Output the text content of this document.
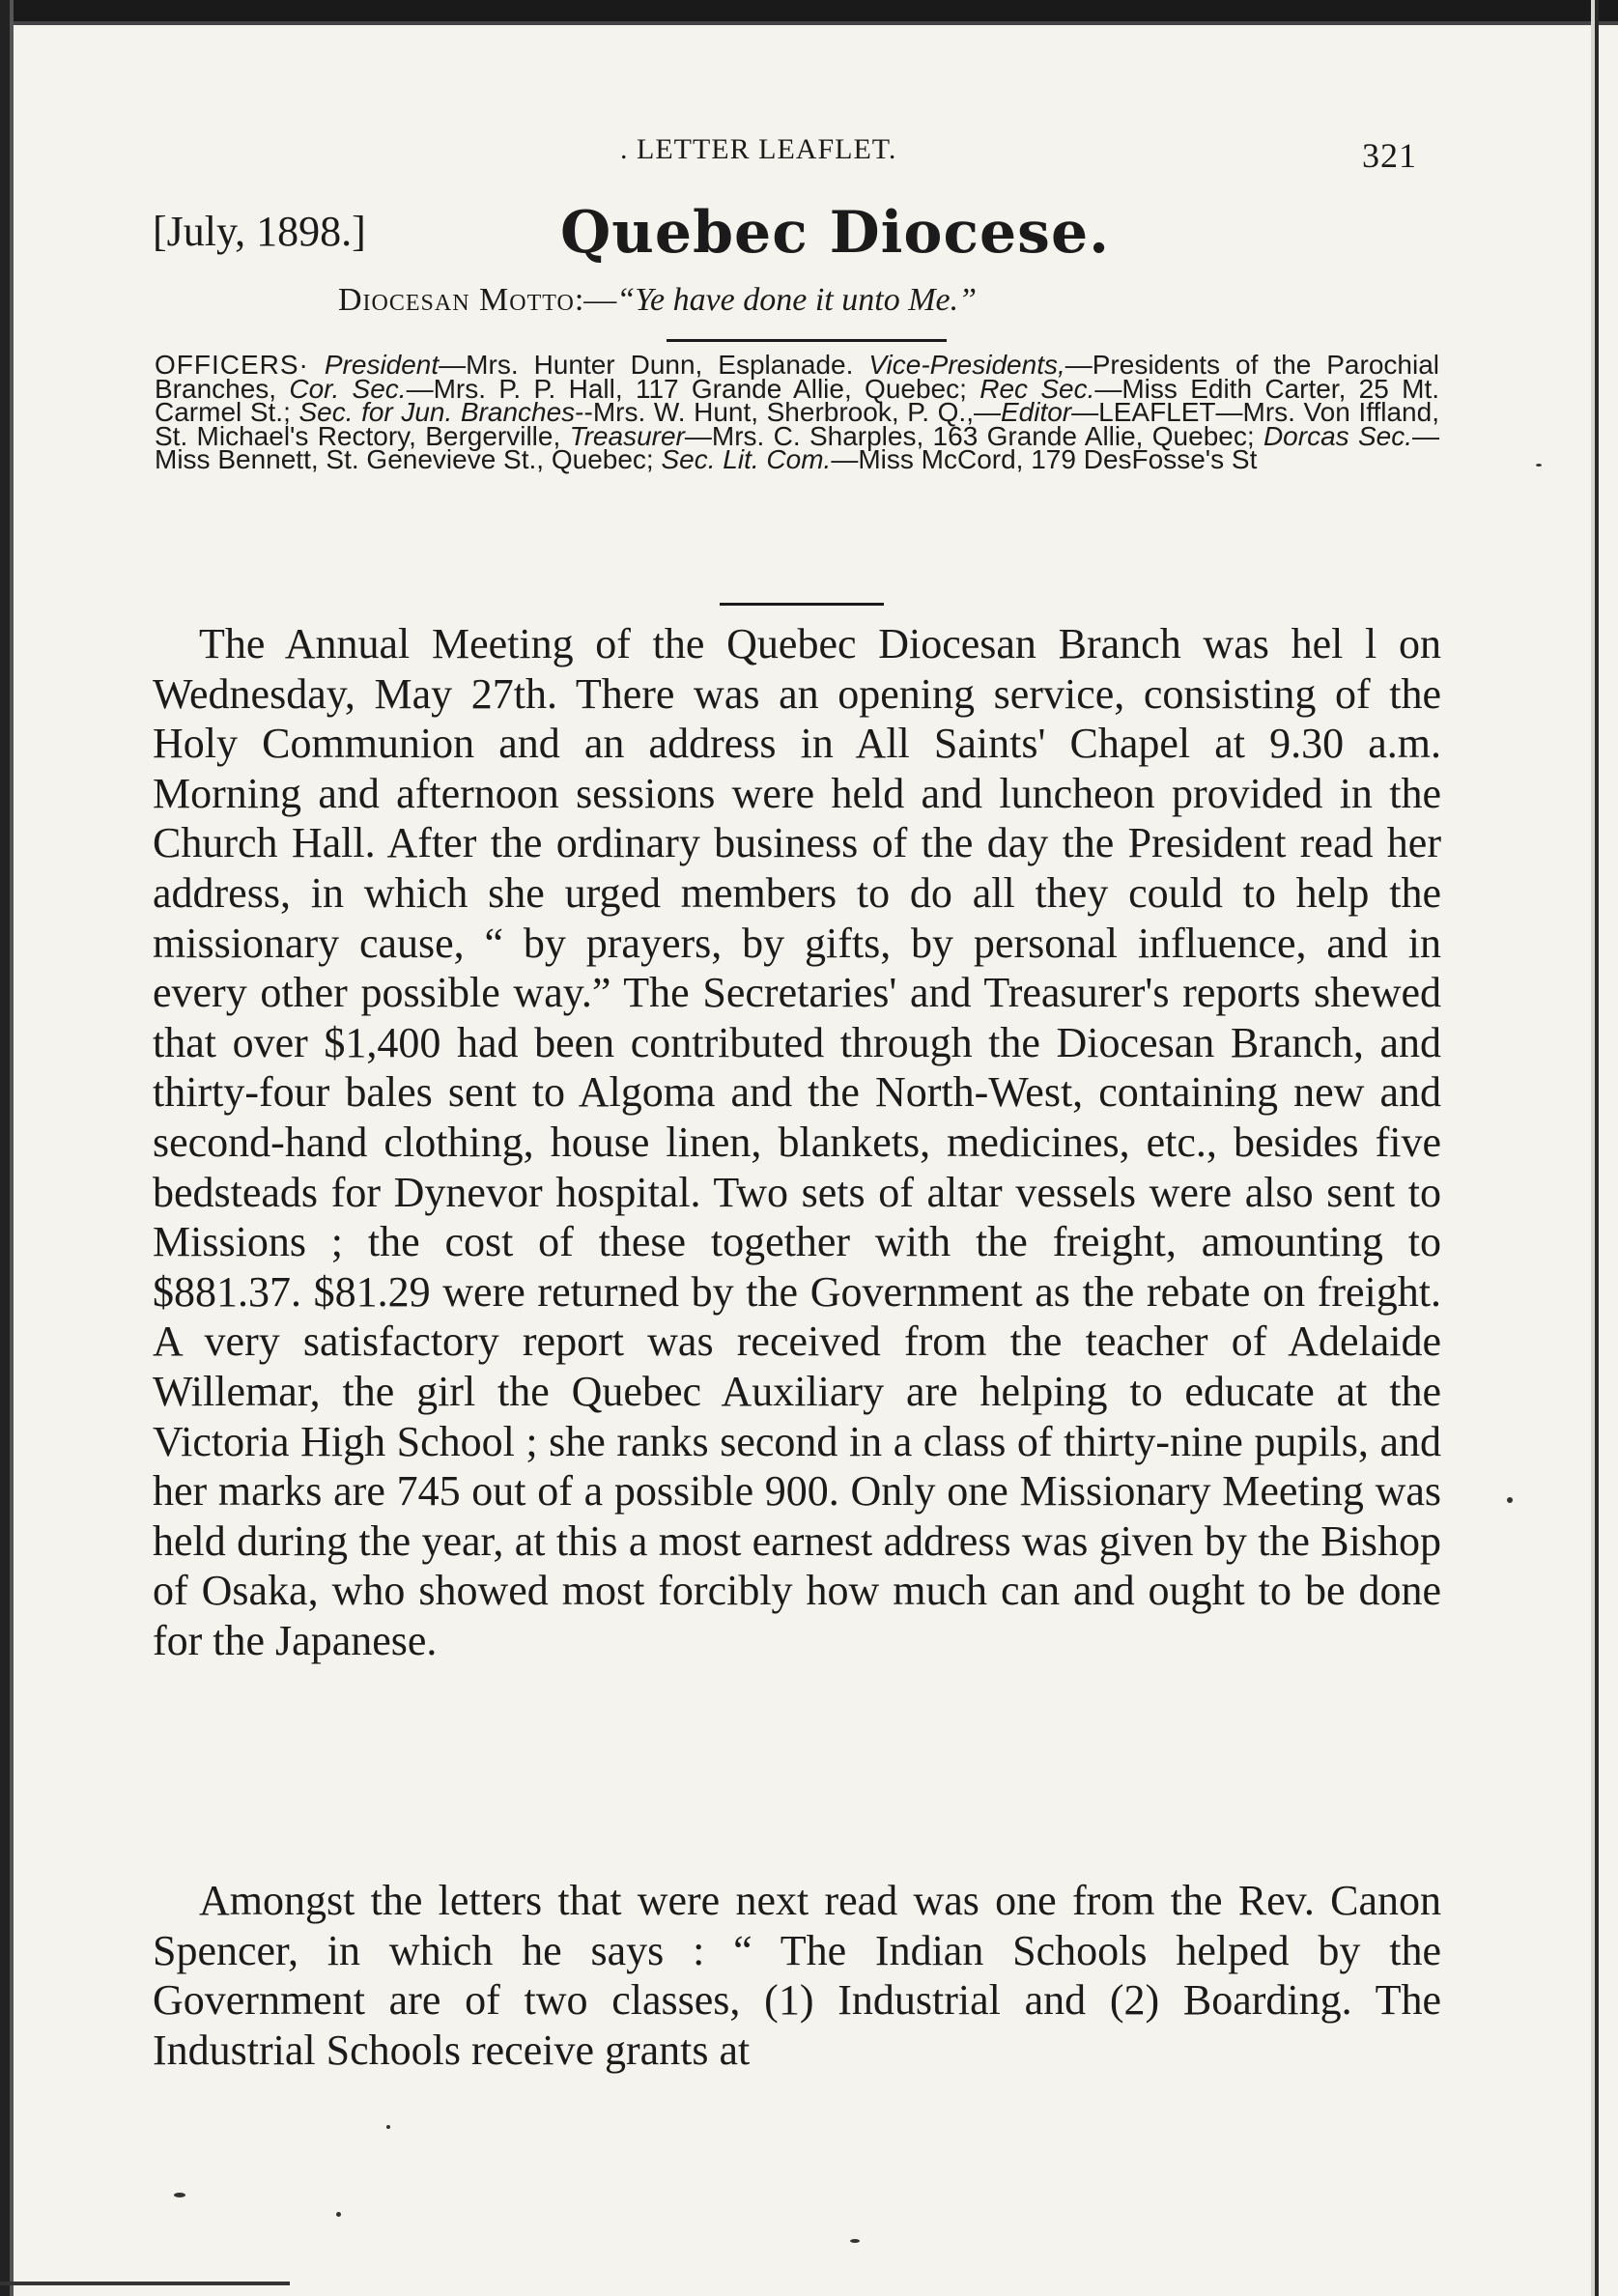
. LETTER LEAFLET.	321
[July, 1898.]	Quebec Diocese.
Diocesan Motto:—“Ye have done it unto Me.”
OFFICERS· President—Mrs. Hunter Dunn, Esplanade. Vice-Presidents,—Presidents of the Parochial Branches, Cor. Sec.—Mrs. P. P. Hall, 117 Grande Allie, Quebec; Rec Sec.—Miss Edith Carter, 25 Mt. Carmel St.; Sec. for Jun. Branches--Mrs. W. Hunt, Sherbrook, P. Q.,—Editor—LEAFLET—Mrs. Von Iffland, St. Michael's Rectory, Bergerville, Treasurer—Mrs. C. Sharples, 163 Grande Allie, Quebec; Dorcas Sec.—Miss Bennett, St. Genevieve St., Quebec; Sec. Lit. Com.—Miss McCord, 179 DesFosse's St

The Annual Meeting of the Quebec Diocesan Branch was hel l on Wednesday, May 27th. There was an opening service, consisting of the Holy Communion and an address in All Saints' Chapel at 9.30 a.m. Morning and afternoon sessions were held and luncheon provided in the Church Hall. After the ordinary business of the day the President read her address, in which she urged members to do all they could to help the missionary cause, “ by prayers, by gifts, by personal influence, and in every other possible way.” The Secretaries' and Treasurer's reports shewed that over $1,400 had been contributed through the Diocesan Branch, and thirty-four bales sent to Algoma and the North-West, containing new and second-hand clothing, house linen, blankets, medicines, etc., besides five bedsteads for Dynevor hospital. Two sets of altar vessels were also sent to Missions ; the cost of these together with the freight, amounting to $881.37. $81.29 were returned by the Government as the rebate on freight. A very satisfactory report was received from the teacher of Adelaide Willemar, the girl the Quebec Auxiliary are helping to educate at the Victoria High School ; she ranks second in a class of thirty-nine pupils, and her marks are 745 out of a possible 900. Only one Missionary Meeting was held during the year, at this a most earnest address was given by the Bishop of Osaka, who showed most forcibly how much can and ought to be done for the Japanese.

Amongst the letters that were next read was one from the Rev. Canon Spencer, in which he says : “ The Indian Schools helped by the Government are of two classes, (1) Industrial and (2) Boarding. The Industrial Schools receive grants at
